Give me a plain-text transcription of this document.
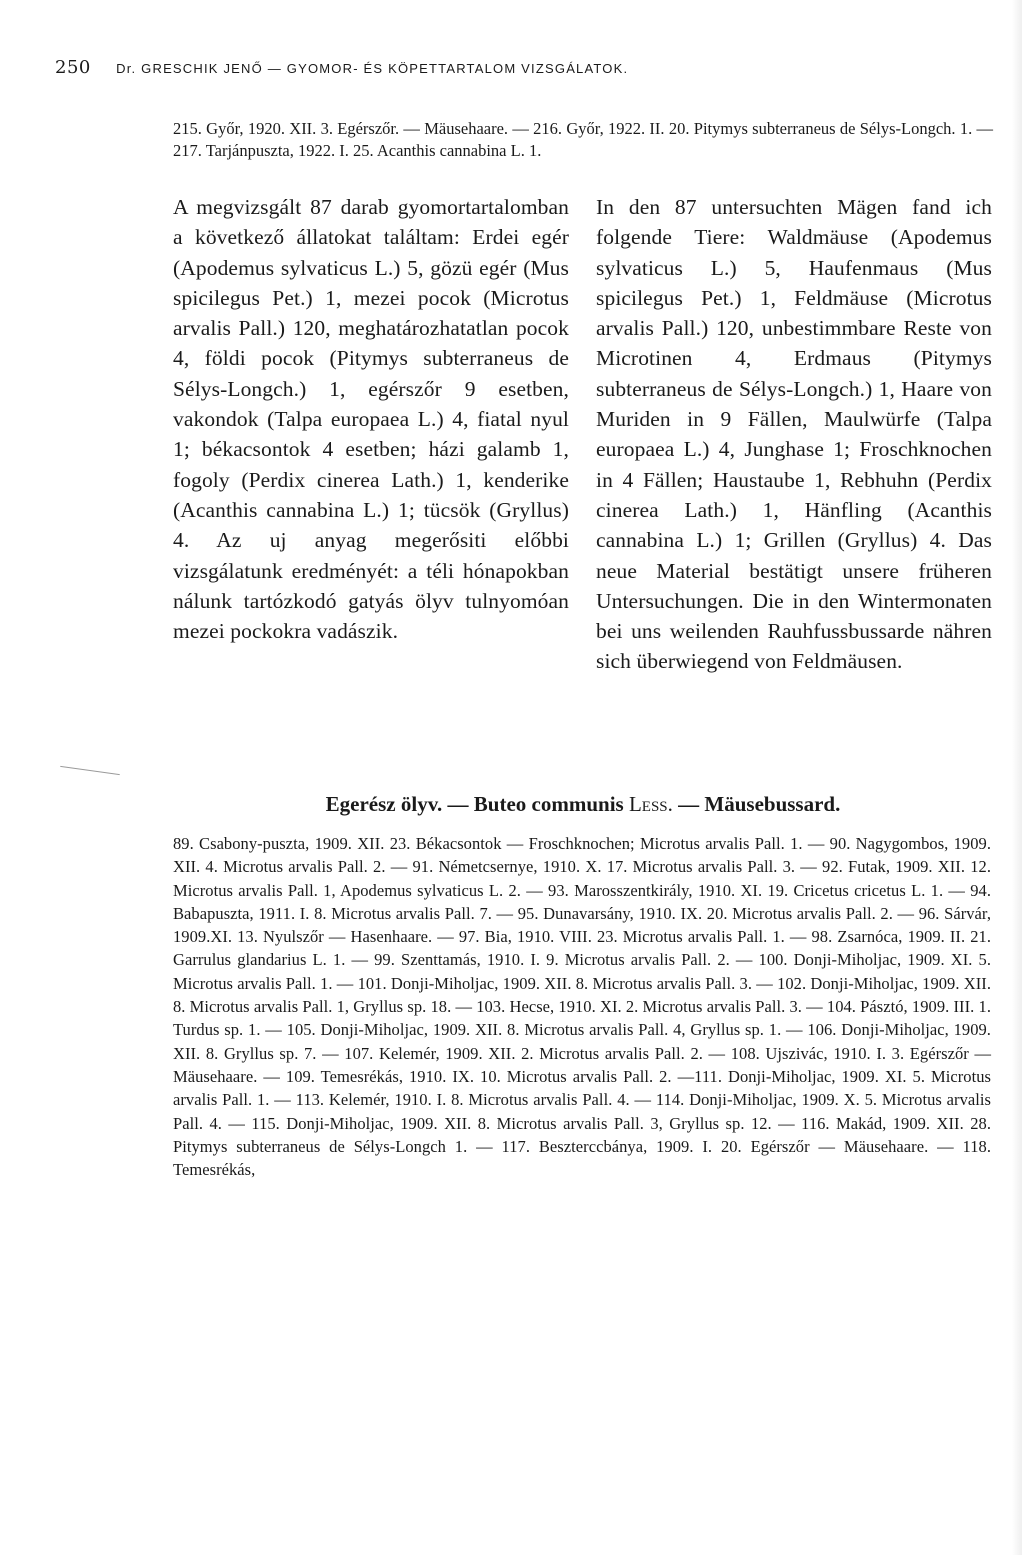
250 Dr. GRESCHIK JENŐ — GYOMOR- ÉS KÖPETTARTALOM VIZSGÁLATOK.

215. Győr, 1920. XII. 3. Egérszőr. — Mäusehaare. — 216. Győr, 1922. II. 20. Pitymys subterraneus de Sélys-Longch. 1. — 217. Tarjánpuszta, 1922. I. 25. Acanthis cannabina L. 1.

A megvizsgált 87 darab gyomortartalomban a következő állatokat találtam: Erdei egér (Apodemus sylvaticus L.) 5, gözü egér (Mus spicilegus Pet.) 1, mezei pocok (Microtus arvalis Pall.) 120, meghatározhatatlan pocok 4, földi pocok (Pitymys subterraneus de Sélys-Longch.) 1, egérszőr 9 esetben, vakondok (Talpa europaea L.) 4, fiatal nyul 1; békacsontok 4 esetben; házi galamb 1, fogoly (Perdix cinerea Lath.) 1, kenderike (Acanthis cannabina L.) 1; tücsök (Gryllus) 4. Az uj anyag megerősiti előbbi vizsgálatunk eredményét: a téli hónapokban nálunk tartózkodó gatyás ölyv tulnyomóan mezei pockokra vadászik.

In den 87 untersuchten Mägen fand ich folgende Tiere: Waldmäuse (Apodemus sylvaticus L.) 5, Haufenmaus (Mus spicilegus Pet.) 1, Feldmäuse (Microtus arvalis Pall.) 120, unbestimmbare Reste von Microtinen 4, Erdmaus (Pitymys subterraneus de Sélys-Longch.) 1, Haare von Muriden in 9 Fällen, Maulwürfe (Talpa europaea L.) 4, Junghase 1; Froschknochen in 4 Fällen; Haustaube 1, Rebhuhn (Perdix cinerea Lath.) 1, Hänfling (Acanthis cannabina L.) 1; Grillen (Gryllus) 4. Das neue Material bestätigt unsere früheren Untersuchungen. Die in den Wintermonaten bei uns weilenden Rauhfussbussarde nähren sich überwiegend von Feldmäusen.

Egerész ölyv. — Buteo communis Less. — Mäusebussard.

89. Csabony-puszta, 1909. XII. 23. Békacsontok — Froschknochen; Microtus arvalis Pall. 1. — 90. Nagygombos, 1909. XII. 4. Microtus arvalis Pall. 2. — 91. Németcsernye, 1910. X. 17. Microtus arvalis Pall. 3. — 92. Futak, 1909. XII. 12. Microtus arvalis Pall. 1, Apodemus sylvaticus L. 2. — 93. Marosszentkirály, 1910. XI. 19. Cricetus cricetus L. 1. — 94. Babapuszta, 1911. I. 8. Microtus arvalis Pall. 7. — 95. Dunavarsány, 1910. IX. 20. Microtus arvalis Pall. 2. — 96. Sárvár, 1909.XI. 13. Nyulszőr — Hasenhaare. — 97. Bia, 1910. VIII. 23. Microtus arvalis Pall. 1. — 98. Zsarnóca, 1909. II. 21. Garrulus glandarius L. 1. — 99. Szenttamás, 1910. I. 9. Microtus arvalis Pall. 2. — 100. Donji-Miholjac, 1909. XI. 5. Microtus arvalis Pall. 1. — 101. Donji-Miholjac, 1909. XII. 8. Microtus arvalis Pall. 3. — 102. Donji-Miholjac, 1909. XII. 8. Microtus arvalis Pall. 1, Gryllus sp. 18. — 103. Hecse, 1910. XI. 2. Microtus arvalis Pall. 3. — 104. Pásztó, 1909. III. 1. Turdus sp. 1. — 105. Donji-Miholjac, 1909. XII. 8. Microtus arvalis Pall. 4, Gryllus sp. 1. — 106. Donji-Miholjac, 1909. XII. 8. Gryllus sp. 7. — 107. Kelemér, 1909. XII. 2. Microtus arvalis Pall. 2. — 108. Ujszivác, 1910. I. 3. Egérszőr — Mäusehaare. — 109. Temesrékás, 1910. IX. 10. Microtus arvalis Pall. 2. —111. Donji-Miholjac, 1909. XI. 5. Microtus arvalis Pall. 1. — 113. Kelemér, 1910. I. 8. Microtus arvalis Pall. 4. — 114. Donji-Miholjac, 1909. X. 5. Microtus arvalis Pall. 4. — 115. Donji-Miholjac, 1909. XII. 8. Microtus arvalis Pall. 3, Gryllus sp. 12. — 116. Makád, 1909. XII. 28. Pitymys subterraneus de Sélys-Longch 1. — 117. Beszterccbánya, 1909. I. 20. Egérszőr — Mäusehaare. — 118. Temesrékás,
